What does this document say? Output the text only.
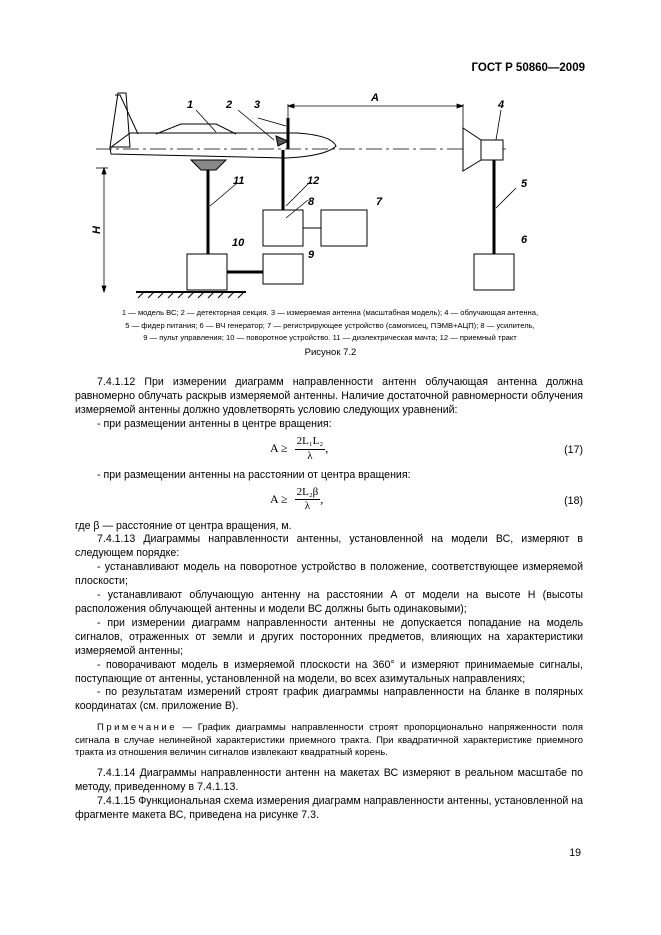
ГОСТ Р 50860—2009
A
H
1	2 3	4
5
6
7
8
9
10
11	12
1 — модель ВС; 2 — детекторная секция. 3 — измеряемая антенна (масштабная модель); 4 — облучающая антенна,
5 — фидер питания; 6 — ВЧ генератор; 7 — регистрирующее устройство (самописец, ПЭМВ+АЦП); 8 — усилитель,
9 — пульт управления; 10 — поворотное устройство. 11 — диэлектрическая мачта; 12 — приемный тракт
Рисунок 7.2

7.4.1.12 При измерении диаграмм направленности антенн облучающая антенна должна равномерно облучать раскрыв измеряемой антенны. Наличие достаточной равномерности облучения измеряемой антенны должно удовлетворять условию следующих уравнений:

- при размещении антенны в центре вращения:

$A \ge \frac{\text{2L₁L₂}}{\lambda}$ ,	(17)

- при размещении антенны на расстоянии от центра вращения:

$A \ge \frac{\text{2L₂β}}{\lambda}$ ,	(18)

где β — расстояние от центра вращения, м.

7.4.1.13 Диаграммы направленности антенны, установленной на модели ВС, измеряют в следующем порядке:

- устанавливают модель на поворотное устройство в положение, соответствующее измеряемой плоскости;

- устанавливают облучающую антенну на расстоянии А от модели на высоте Н (высоты расположения облучающей антенны и модели ВС должны быть одинаковыми);

- при измерении диаграмм направленности антенны не допускается попадание на модель сигналов, отраженных от земли и других посторонних предметов, влияющих на характеристики измеряемой антенны;

- поворачивают модель в измеряемой плоскости на 360° и измеряют принимаемые сигналы, поступающие от антенны, установленной на модели, во всех азимутальных направлениях;

- по результатам измерений строят график диаграммы направленности на бланке в полярных координатах (см. приложение В).

Примечание — График диаграммы направленности строят пропорционально напряженности поля сигнала в случае нелинейной характеристики приемного тракта. При квадратичной характеристике приемного тракта из отношения величин сигналов извлекают квадратный корень.

7.4.1.14 Диаграммы направленности антенн на макетах ВС измеряют в реальном масштабе по методу, приведенному в 7.4.1.13.

7.4.1.15 Функциональная схема измерения диаграмм направленности антенны, установленной на фрагменте макета ВС, приведена на рисунке 7.3.

19
